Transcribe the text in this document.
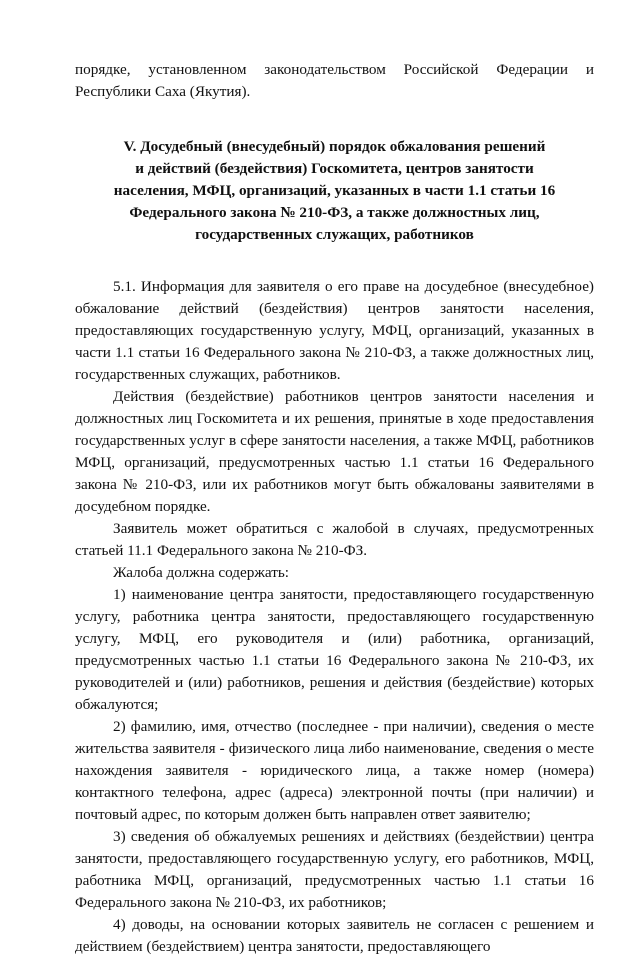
порядке, установленном законодательством Российской Федерации и Республики Саха (Якутия).

V. Досудебный (внесудебный) порядок обжалования решений
и действий (бездействия) Госкомитета, центров занятости
населения, МФЦ, организаций, указанных в части 1.1 статьи 16
Федерального закона № 210-ФЗ, а также должностных лиц,
государственных служащих, работников

5.1. Информация для заявителя о его праве на досудебное (внесудебное) обжалование действий (бездействия) центров занятости населения, предоставляющих государственную услугу, МФЦ, организаций, указанных в части 1.1 статьи 16 Федерального закона № 210-ФЗ, а также должностных лиц, государственных служащих, работников.

Действия (бездействие) работников центров занятости населения и должностных лиц Госкомитета и их решения, принятые в ходе предоставления государственных услуг в сфере занятости населения, а также МФЦ, работников МФЦ, организаций, предусмотренных частью 1.1 статьи 16 Федерального закона № 210-ФЗ, или их работников могут быть обжалованы заявителями в досудебном порядке.

Заявитель может обратиться с жалобой в случаях, предусмотренных статьей 11.1 Федерального закона № 210-ФЗ.

Жалоба должна содержать:

1) наименование центра занятости, предоставляющего государственную услугу, работника центра занятости, предоставляющего государственную услугу, МФЦ, его руководителя и (или) работника, организаций, предусмотренных частью 1.1 статьи 16 Федерального закона № 210-ФЗ, их руководителей и (или) работников, решения и действия (бездействие) которых обжалуются;

2) фамилию, имя, отчество (последнее - при наличии), сведения о месте жительства заявителя - физического лица либо наименование, сведения о месте нахождения заявителя - юридического лица, а также номер (номера) контактного телефона, адрес (адреса) электронной почты (при наличии) и почтовый адрес, по которым должен быть направлен ответ заявителю;

3) сведения об обжалуемых решениях и действиях (бездействии) центра занятости, предоставляющего государственную услугу, его работников, МФЦ, работника МФЦ, организаций, предусмотренных частью 1.1 статьи 16 Федерального закона № 210-ФЗ, их работников;

4) доводы, на основании которых заявитель не согласен с решением и действием (бездействием) центра занятости, предоставляющего
